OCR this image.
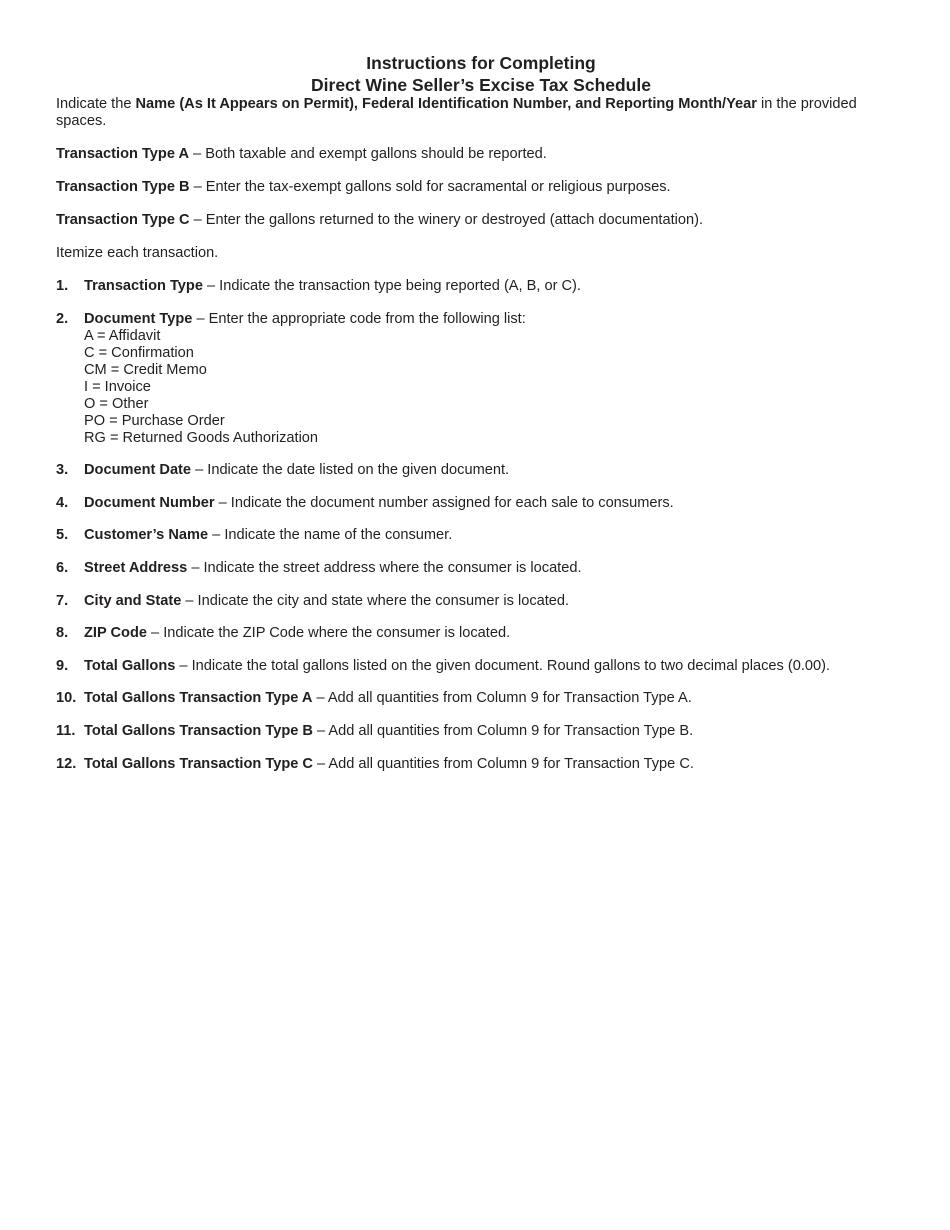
Instructions for Completing
Direct Wine Seller’s Excise Tax Schedule

Indicate the Name (As It Appears on Permit), Federal Identification Number, and Reporting Month/Year in the provided spaces.

Transaction Type A – Both taxable and exempt gallons should be reported.

Transaction Type B – Enter the tax-exempt gallons sold for sacramental or religious purposes.

Transaction Type C – Enter the gallons returned to the winery or destroyed (attach documentation).

Itemize each transaction.

1. Transaction Type – Indicate the transaction type being reported (A, B, or C).
2. Document Type – Enter the appropriate code from the following list:
A = Affidavit
C = Confirmation
CM = Credit Memo
I = Invoice
O = Other
PO = Purchase Order
RG = Returned Goods Authorization
3. Document Date – Indicate the date listed on the given document.
4. Document Number – Indicate the document number assigned for each sale to consumers.
5. Customer’s Name – Indicate the name of the consumer.
6. Street Address – Indicate the street address where the consumer is located.
7. City and State – Indicate the city and state where the consumer is located.
8. ZIP Code – Indicate the ZIP Code where the consumer is located.
9. Total Gallons – Indicate the total gallons listed on the given document. Round gallons to two decimal places (0.00).
10. Total Gallons Transaction Type A – Add all quantities from Column 9 for Transaction Type A.
11. Total Gallons Transaction Type B – Add all quantities from Column 9 for Transaction Type B.
12. Total Gallons Transaction Type C – Add all quantities from Column 9 for Transaction Type C.
